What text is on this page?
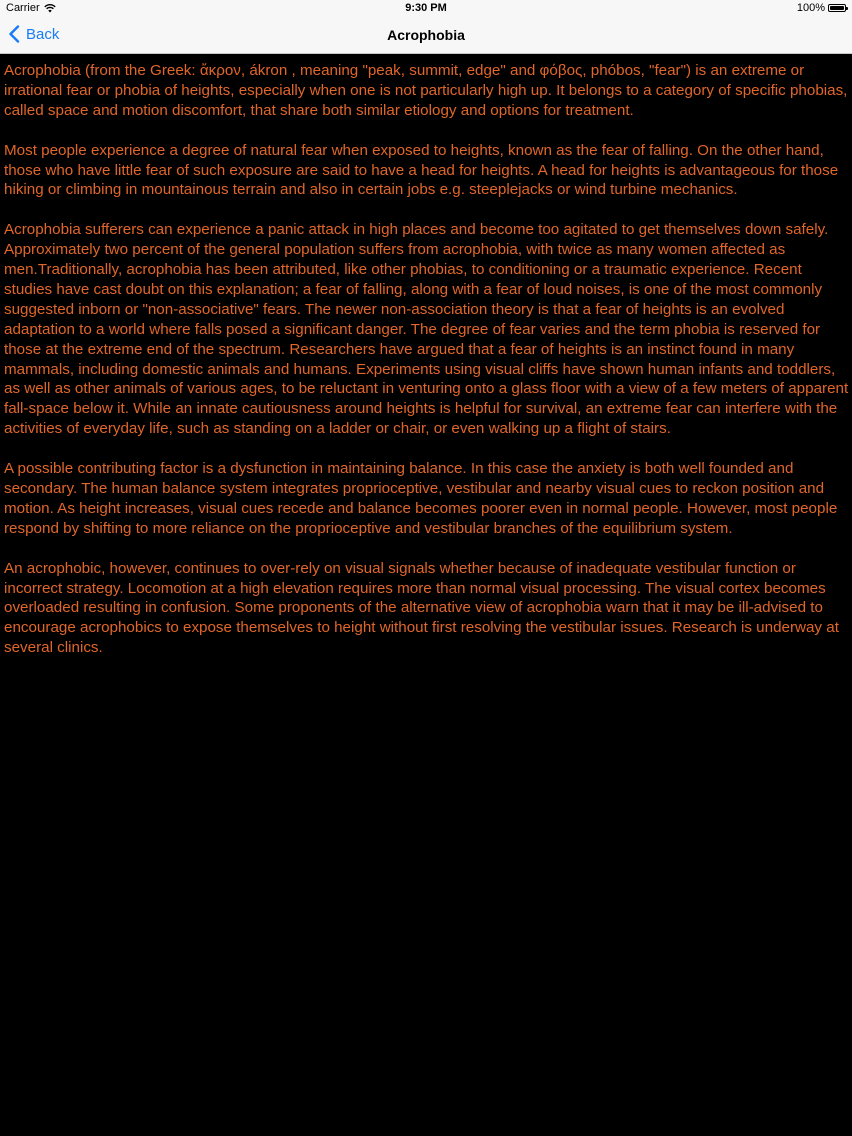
Carrier	9:30 PM	100%
Back	Acrophobia

Acrophobia (from the Greek: ἄκρον, ákron , meaning "peak, summit, edge" and φόβος, phóbos, "fear") is an extreme or irrational fear or phobia of heights, especially when one is not particularly high up. It belongs to a category of specific phobias, called space and motion discomfort, that share both similar etiology and options for treatment.

Most people experience a degree of natural fear when exposed to heights, known as the fear of falling. On the other hand, those who have little fear of such exposure are said to have a head for heights. A head for heights is advantageous for those hiking or climbing in mountainous terrain and also in certain jobs e.g. steeplejacks or wind turbine mechanics.

Acrophobia sufferers can experience a panic attack in high places and become too agitated to get themselves down safely. Approximately two percent of the general population suffers from acrophobia, with twice as many women affected as men.Traditionally, acrophobia has been attributed, like other phobias, to conditioning or a traumatic experience. Recent studies have cast doubt on this explanation; a fear of falling, along with a fear of loud noises, is one of the most commonly suggested inborn or "non-associative" fears. The newer non-association theory is that a fear of heights is an evolved adaptation to a world where falls posed a significant danger. The degree of fear varies and the term phobia is reserved for those at the extreme end of the spectrum. Researchers have argued that a fear of heights is an instinct found in many mammals, including domestic animals and humans. Experiments using visual cliffs have shown human infants and toddlers, as well as other animals of various ages, to be reluctant in venturing onto a glass floor with a view of a few meters of apparent fall-space below it. While an innate cautiousness around heights is helpful for survival, an extreme fear can interfere with the activities of everyday life, such as standing on a ladder or chair, or even walking up a flight of stairs.

A possible contributing factor is a dysfunction in maintaining balance. In this case the anxiety is both well founded and secondary. The human balance system integrates proprioceptive, vestibular and nearby visual cues to reckon position and motion. As height increases, visual cues recede and balance becomes poorer even in normal people. However, most people respond by shifting to more reliance on the proprioceptive and vestibular branches of the equilibrium system.

An acrophobic, however, continues to over-rely on visual signals whether because of inadequate vestibular function or incorrect strategy. Locomotion at a high elevation requires more than normal visual processing. The visual cortex becomes overloaded resulting in confusion. Some proponents of the alternative view of acrophobia warn that it may be ill-advised to encourage acrophobics to expose themselves to height without first resolving the vestibular issues. Research is underway at several clinics.
